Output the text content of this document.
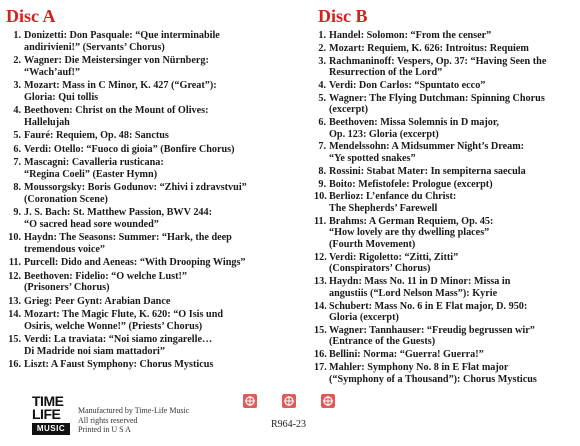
Disc A
1. Donizetti: Don Pasquale: “Que interminabile
andirivieni!” (Servants’ Chorus)
2. Wagner: Die Meistersinger von Nürnberg:
“Wach’auf!”
3. Mozart: Mass in C Minor, K. 427 (“Great”):
Gloria: Qui tollis
4. Beethoven: Christ on the Mount of Olives:
Hallelujah
5. Fauré: Requiem, Op. 48: Sanctus
6. Verdi: Otello: “Fuoco di gioia” (Bonfire Chorus)
7. Mascagni: Cavalleria rusticana:
“Regina Coeli” (Easter Hymn)
8. Moussorgsky: Boris Godunov: “Zhivi i zdravstvui”
(Coronation Scene)
9. J. S. Bach: St. Matthew Passion, BWV 244:
“O sacred head sore wounded”
10. Haydn: The Seasons: Summer: “Hark, the deep
tremendous voice”
11. Purcell: Dido and Aeneas: “With Drooping Wings”
12. Beethoven: Fidelio: “O welche Lust!”
(Prisoners’ Chorus)
13. Grieg: Peer Gynt: Arabian Dance
14. Mozart: The Magic Flute, K. 620: “O Isis und
Osiris, welche Wonne!” (Priests’ Chorus)
15. Verdi: La traviata: “Noi siamo zingarelle…
Di Madride noi siam mattadori”
16. Liszt: A Faust Symphony: Chorus Mysticus
Disc B
1. Handel: Solomon: “From the censer”
2. Mozart: Requiem, K. 626: Introitus: Requiem
3. Rachmaninoff: Vespers, Op. 37: “Having Seen the
Resurrection of the Lord”
4. Verdi: Don Carlos: “Spuntato ecco”
5. Wagner: The Flying Dutchman: Spinning Chorus
(excerpt)
6. Beethoven: Missa Solemnis in D major,
Op. 123: Gloria (excerpt)
7. Mendelssohn: A Midsummer Night’s Dream:
“Ye spotted snakes”
8. Rossini: Stabat Mater: In sempiterna saecula
9. Boito: Mefistofele: Prologue (excerpt)
10. Berlioz: L’enfance du Christ:
The Shepherds’ Farewell
11. Brahms: A German Requiem, Op. 45:
“How lovely are thy dwelling places”
(Fourth Movement)
12. Verdi: Rigoletto: “Zitti, Zitti”
(Conspirators’ Chorus)
13. Haydn: Mass No. 11 in D Minor: Missa in
angustiis (“Lord Nelson Mass”): Kyrie
14. Schubert: Mass No. 6 in E Flat major, D. 950:
Gloria (excerpt)
15. Wagner: Tannhauser: “Freudig begrussen wir”
(Entrance of the Guests)
16. Bellini: Norma: “Guerra! Guerra!”
17. Mahler: Symphony No. 8 in E Flat major
(“Symphony of a Thousand”): Chorus Mysticus
TIME
LIFE
MUSIC
Manufactured by Time-Life Music
All rights reserved
Printed in U S A	R964-23
